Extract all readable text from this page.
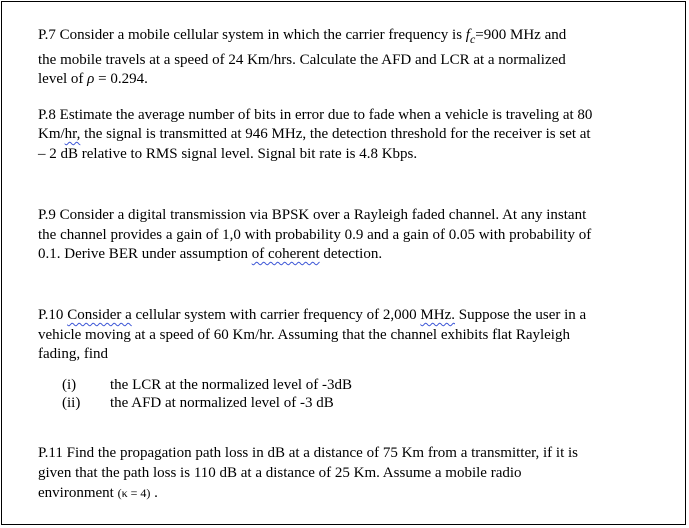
P.7 Consider a mobile cellular system in which the carrier frequency is $f_c=900$ MHz and
the mobile travels at a speed of 24 Km/hrs. Calculate the AFD and LCR at a normalized
level of ρ = 0.294.
P.8 Estimate the average number of bits in error due to fade when a vehicle is traveling at 80
Km/hr, the signal is transmitted at 946 MHz, the detection threshold for the receiver is set at
– 2 dB relative to RMS signal level. Signal bit rate is 4.8 Kbps.
P.9 Consider a digital transmission via BPSK over a Rayleigh faded channel. At any instant
the channel provides a gain of 1,0 with probability 0.9 and a gain of 0.05 with probability of
0.1. Derive BER under assumption of coherent detection.
P.10 Consider a cellular system with carrier frequency of 2,000 MHz. Suppose the user in a
vehicle moving at a speed of 60 Km/hr. Assuming that the channel exhibits flat Rayleigh
fading, find
(i) the LCR at the normalized level of -3dB
(ii) the AFD at normalized level of -3 dB
P.11 Find the propagation path loss in dB at a distance of 75 Km from a transmitter, if it is
given that the path loss is 110 dB at a distance of 25 Km. Assume a mobile radio
environment (κ = 4) .
